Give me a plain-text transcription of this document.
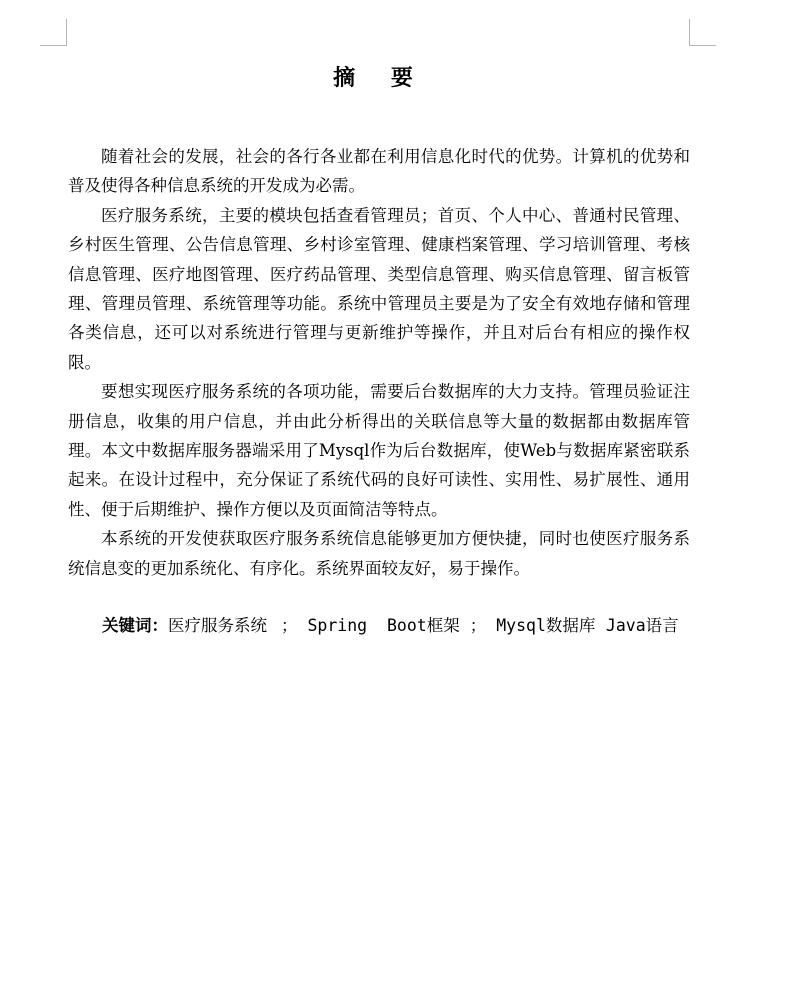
摘 要

随着社会的发展，社会的各行各业都在利用信息化时代的优势。计算机的优势和普及使得各种信息系统的开发成为必需。

医疗服务系统，主要的模块包括查看管理员；首页、个人中心、普通村民管理、乡村医生管理、公告信息管理、乡村诊室管理、健康档案管理、学习培训管理、考核信息管理、医疗地图管理、医疗药品管理、类型信息管理、购买信息管理、留言板管理、管理员管理、系统管理等功能。系统中管理员主要是为了安全有效地存储和管理各类信息，还可以对系统进行管理与更新维护等操作，并且对后台有相应的操作权限。

要想实现医疗服务系统的各项功能，需要后台数据库的大力支持。管理员验证注册信息，收集的用户信息，并由此分析得出的关联信息等大量的数据都由数据库管理。本文中数据库服务器端采用了Mysql作为后台数据库，使Web与数据库紧密联系起来。在设计过程中，充分保证了系统代码的良好可读性、实用性、易扩展性、通用性、便于后期维护、操作方便以及页面简洁等特点。

本系统的开发使获取医疗服务系统信息能够更加方便快捷，同时也使医疗服务系统信息变的更加系统化、有序化。系统界面较友好，易于操作。

关键词：医疗服务系统 ； Spring  Boot框架 ； Mysql数据库 Java语言
